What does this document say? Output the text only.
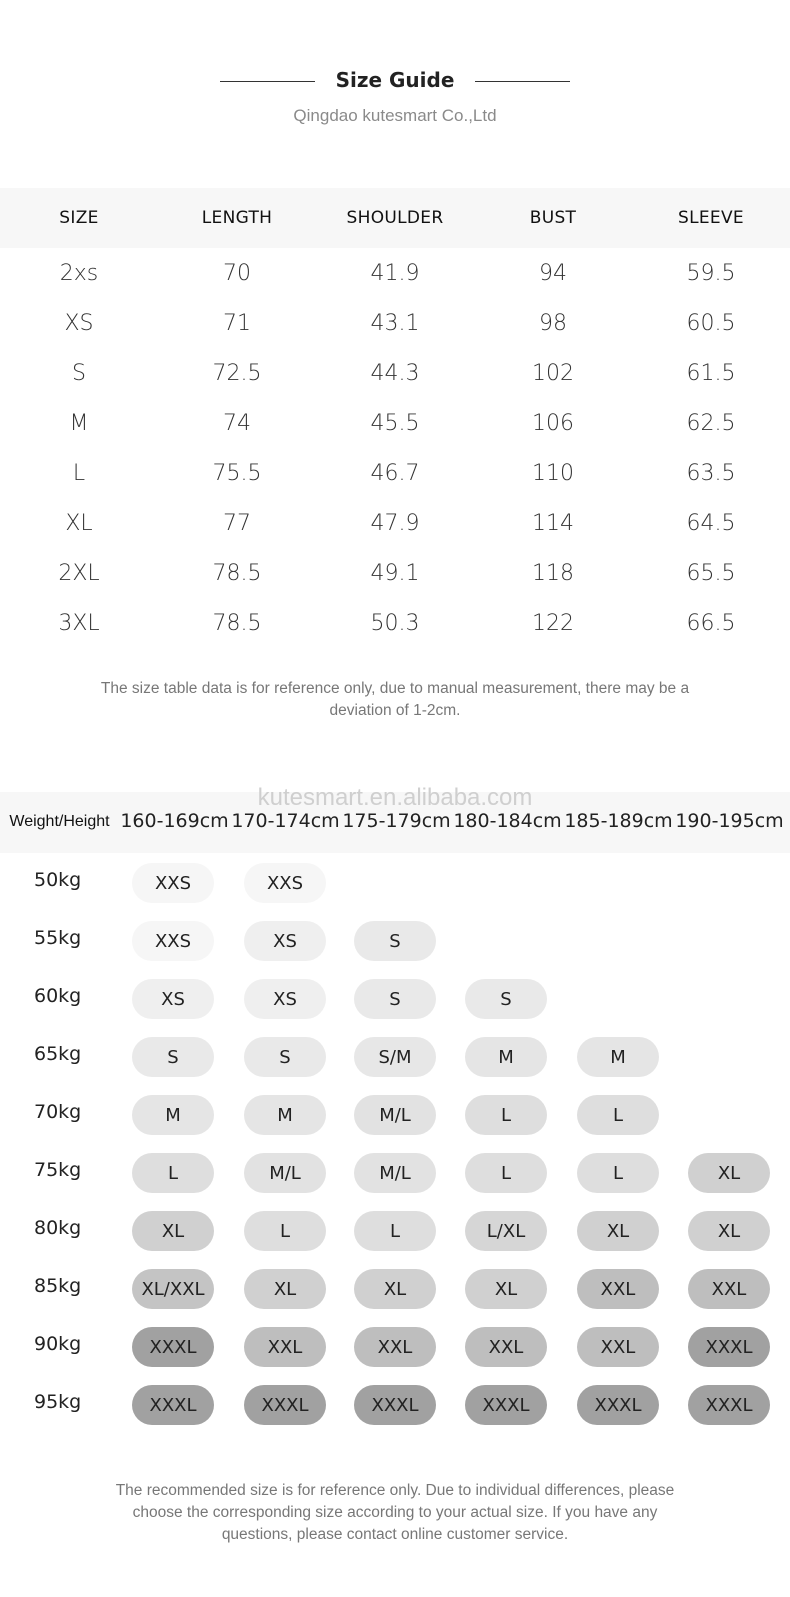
Size Guide
Qingdao kutesmart Co.,Ltd
SIZE	LENGTH	SHOULDER	BUST	SLEEVE
2xs	70	41.9	94	59.5
XS	71	43.1	98	60.5
S	72.5	44.3	102	61.5
M	74	45.5	106	62.5
L	75.5	46.7	110	63.5
XL	77	47.9	114	64.5
2XL	78.5	49.1	118	65.5
3XL	78.5	50.3	122	66.5
The size table data is for reference only, due to manual measurement, there may be a deviation of 1-2cm.
Weight/Height 160-169cm 170-174cm 175-179cm 180-184cm 185-189cm 190-195cm
kutesmart.en.alibaba.com
50kg	XXS	XXS
55kg	XXS	XS	S
60kg	XS	XS	S	S
65kg	S	S	S/M	M	M
70kg	M	M	M/L	L	L
75kg	L	M/L	M/L	L	L	XL
80kg	XL	L	L	L/XL	XL	XL
85kg	XL/XXL	XL	XL	XL	XXL	XXL
90kg	XXXL	XXL	XXL	XXL	XXL	XXXL
95kg	XXXL	XXXL	XXXL	XXXL	XXXL	XXXL
The recommended size is for reference only. Due to individual differences, please choose the corresponding size according to your actual size. If you have any questions, please contact online customer service.
